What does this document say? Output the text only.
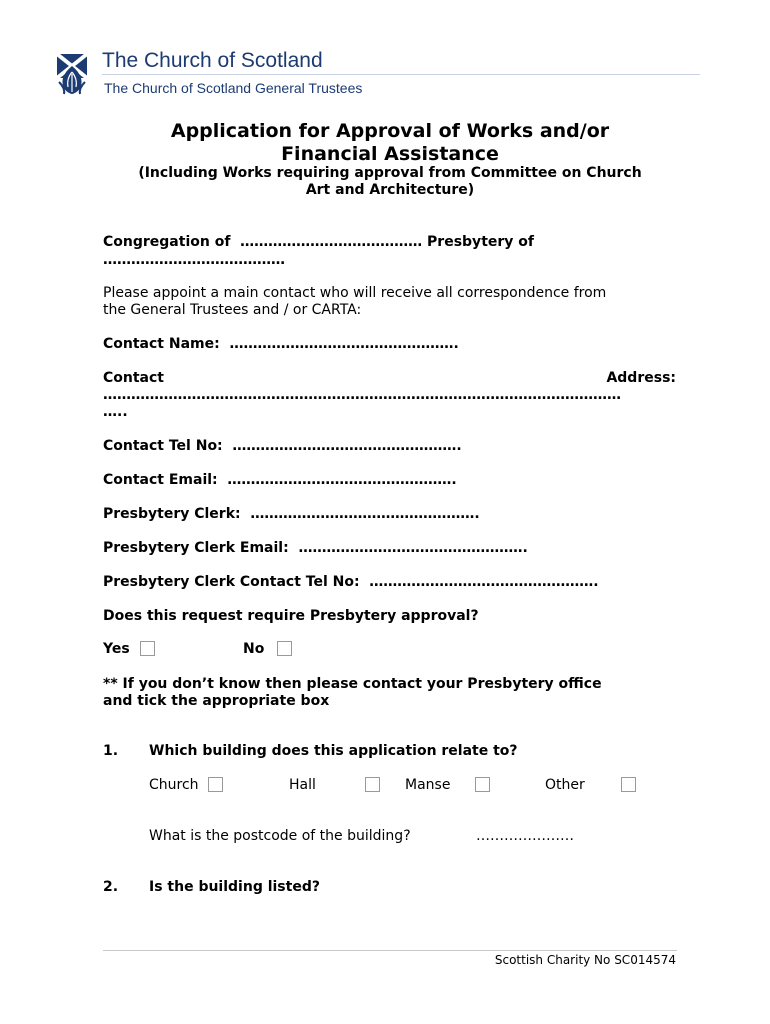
The Church of Scotland
The Church of Scotland General Trustees
Application for Approval of Works and/or
Financial Assistance
(Including Works requiring approval from Committee on Church
Art and Architecture)
Congregation of ………………………………… Presbytery of
…………………………………
Please appoint a main contact who will receive all correspondence from
the General Trustees and / or CARTA:
Contact Name: ………………………………………….
Contact	Address:
…………………………………………………………………………………………………
…..
Contact Tel No: ………………………………………….
Contact Email: ………………………………………….
Presbytery Clerk: ………………………………………….
Presbytery Clerk Email: ………………………………………….
Presbytery Clerk Contact Tel No: ………………………………………….
Does this request require Presbytery approval?
Yes	No
** If you don’t know then please contact your Presbytery office
and tick the appropriate box
1. Which building does this application relate to?
Church	Hall	Manse	Other
What is the postcode of the building?	…………………
2. Is the building listed?
Scottish Charity No SC014574
